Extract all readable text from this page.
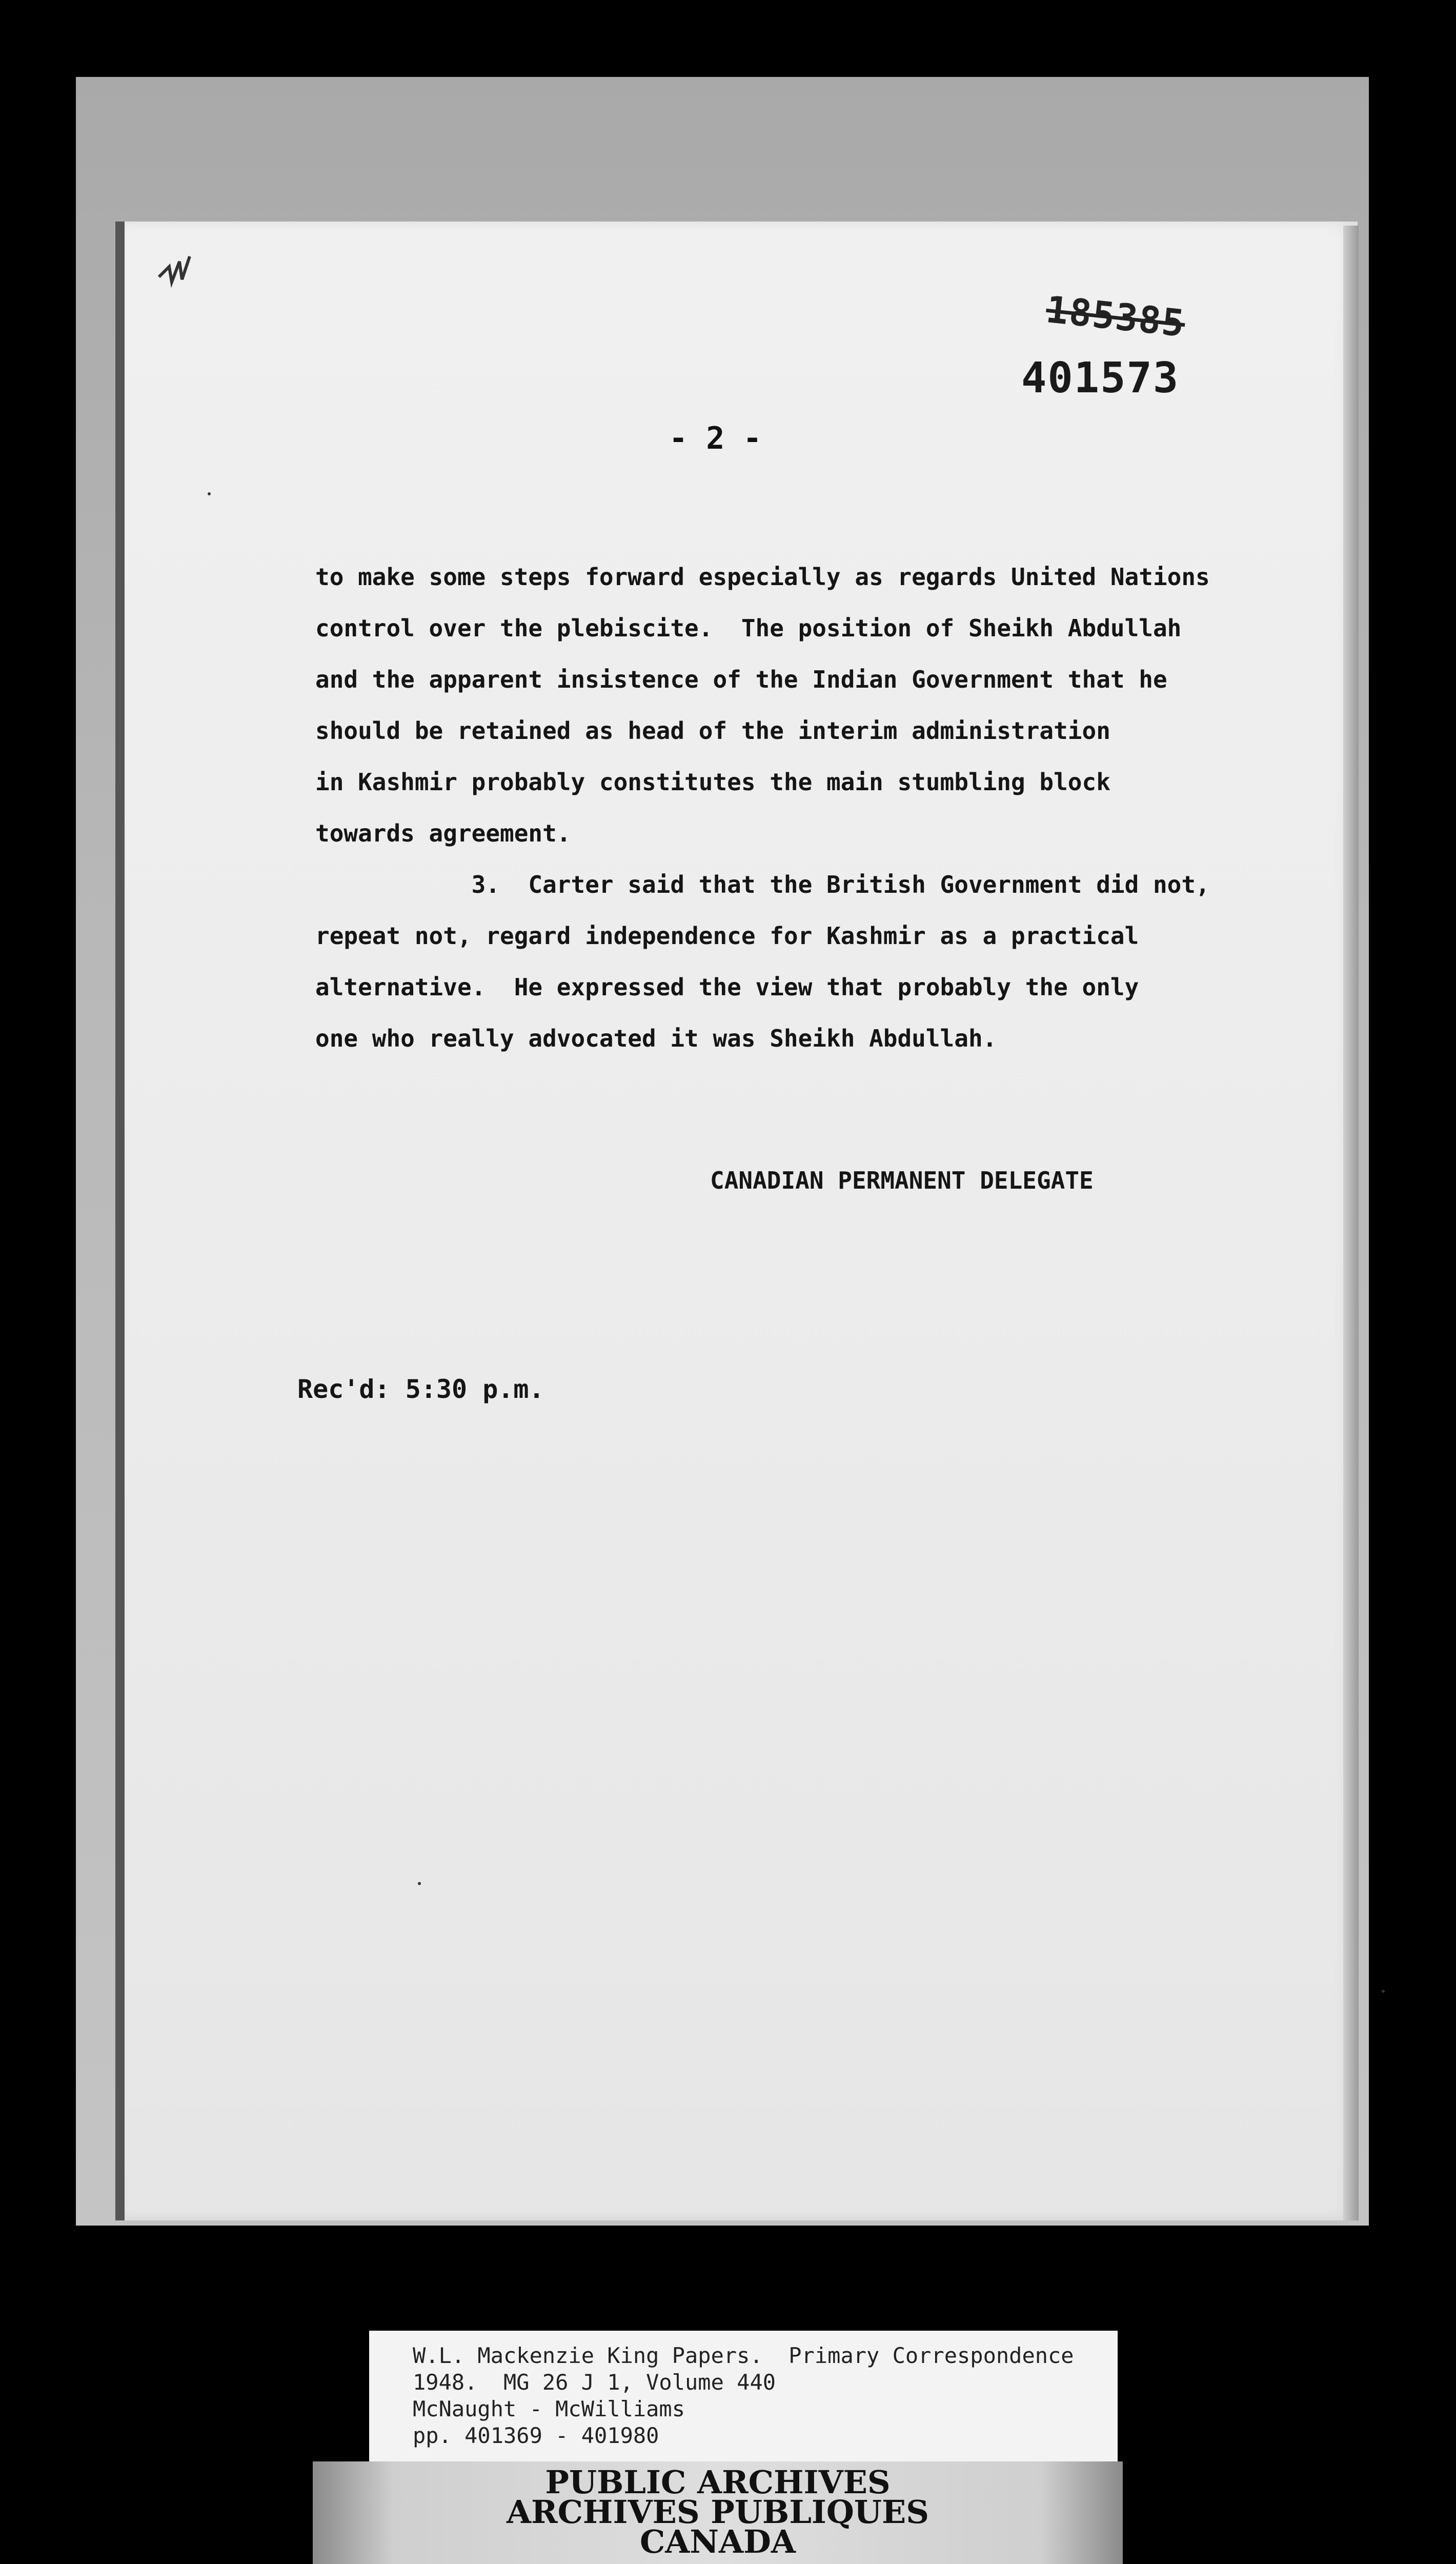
185385
401573
- 2 -
to make some steps forward especially as regards United Nations
control over the plebiscite.  The position of Sheikh Abdullah
and the apparent insistence of the Indian Government that he
should be retained as head of the interim administration
in Kashmir probably constitutes the main stumbling block
towards agreement.
3.  Carter said that the British Government did not,
repeat not, regard independence for Kashmir as a practical
alternative.  He expressed the view that probably the only
one who really advocated it was Sheikh Abdullah.
CANADIAN PERMANENT DELEGATE
Rec'd: 5:30 p.m.
W.L. Mackenzie King Papers.  Primary Correspondence
1948.  MG 26 J 1, Volume 440
McNaught - McWilliams
pp. 401369 - 401980
PUBLIC ARCHIVES
ARCHIVES PUBLIQUES
CANADA
